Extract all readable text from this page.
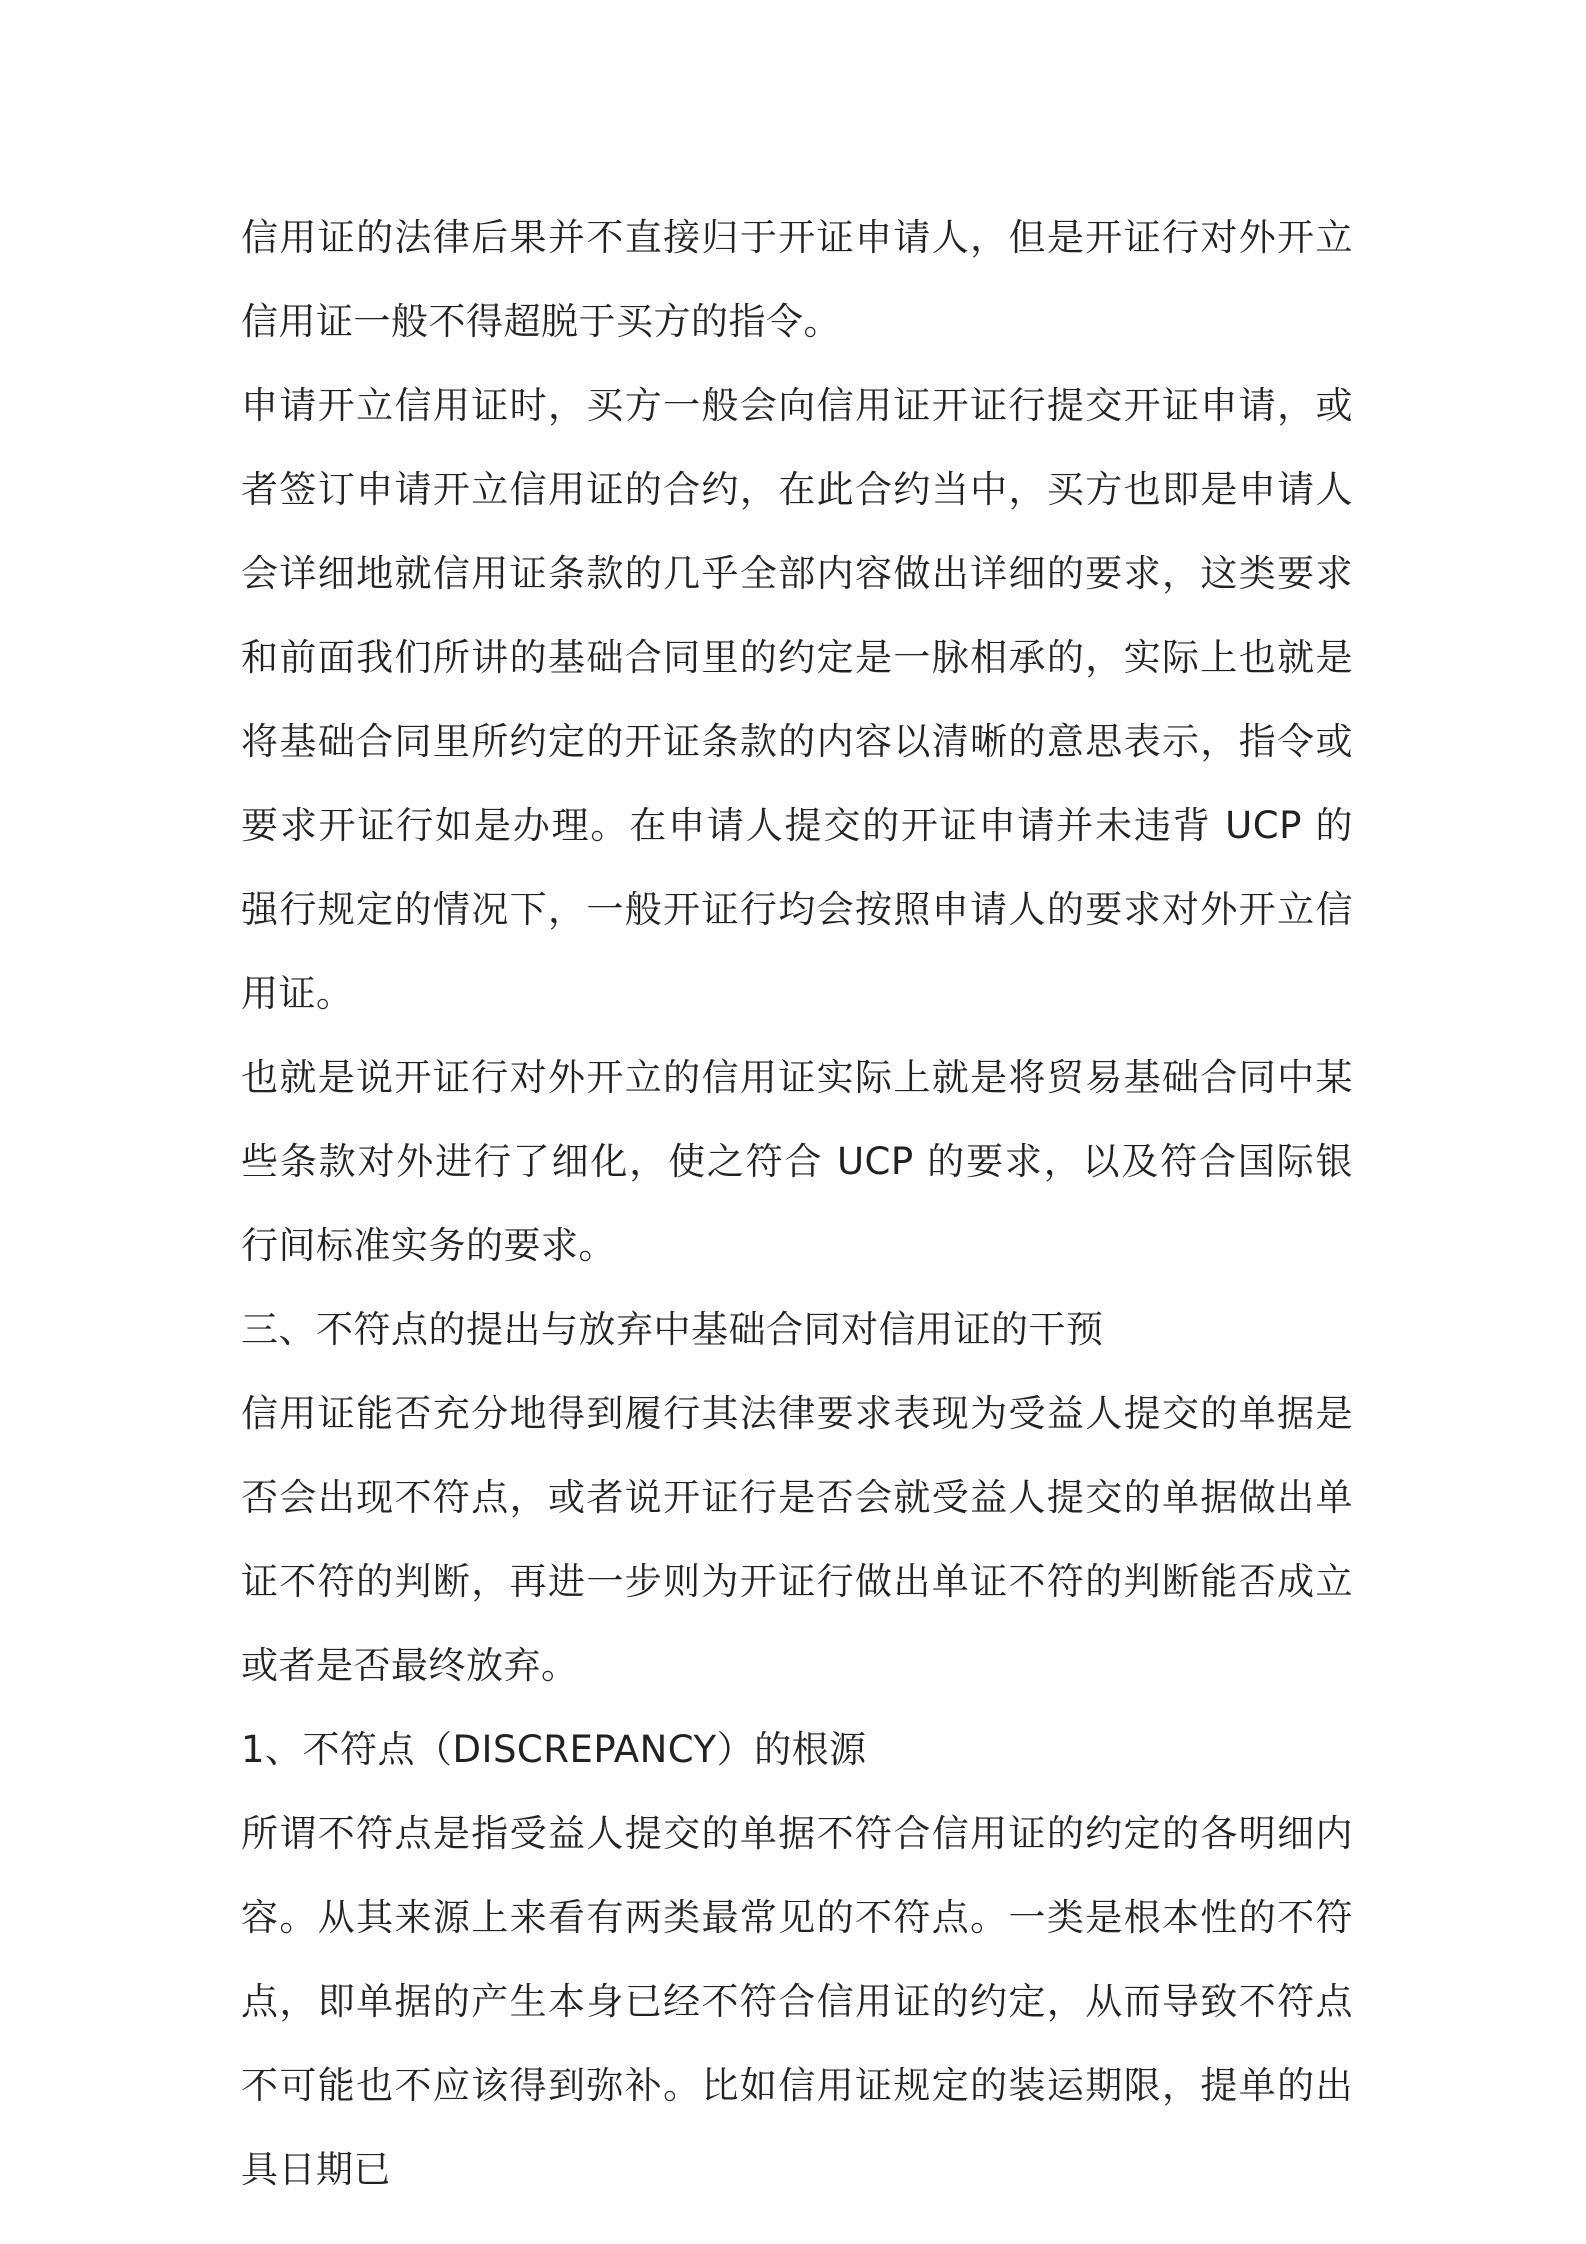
信用证的法律后果并不直接归于开证申请人，但是开证行对外开立信用证一般不得超脱于买方的指令。

申请开立信用证时，买方一般会向信用证开证行提交开证申请，或者签订申请开立信用证的合约，在此合约当中，买方也即是申请人会详细地就信用证条款的几乎全部内容做出详细的要求，这类要求和前面我们所讲的基础合同里的约定是一脉相承的，实际上也就是将基础合同里所约定的开证条款的内容以清晰的意思表示，指令或要求开证行如是办理。在申请人提交的开证申请并未违背 UCP 的强行规定的情况下，一般开证行均会按照申请人的要求对外开立信用证。

也就是说开证行对外开立的信用证实际上就是将贸易基础合同中某些条款对外进行了细化，使之符合 UCP 的要求，以及符合国际银行间标准实务的要求。

三、不符点的提出与放弃中基础合同对信用证的干预

信用证能否充分地得到履行其法律要求表现为受益人提交的单据是否会出现不符点，或者说开证行是否会就受益人提交的单据做出单证不符的判断，再进一步则为开证行做出单证不符的判断能否成立或者是否最终放弃。

1、不符点（DISCREPANCY）的根源

所谓不符点是指受益人提交的单据不符合信用证的约定的各明细内容。从其来源上来看有两类最常见的不符点。一类是根本性的不符点，即单据的产生本身已经不符合信用证的约定，从而导致不符点不可能也不应该得到弥补。比如信用证规定的装运期限，提单的出具日期已
